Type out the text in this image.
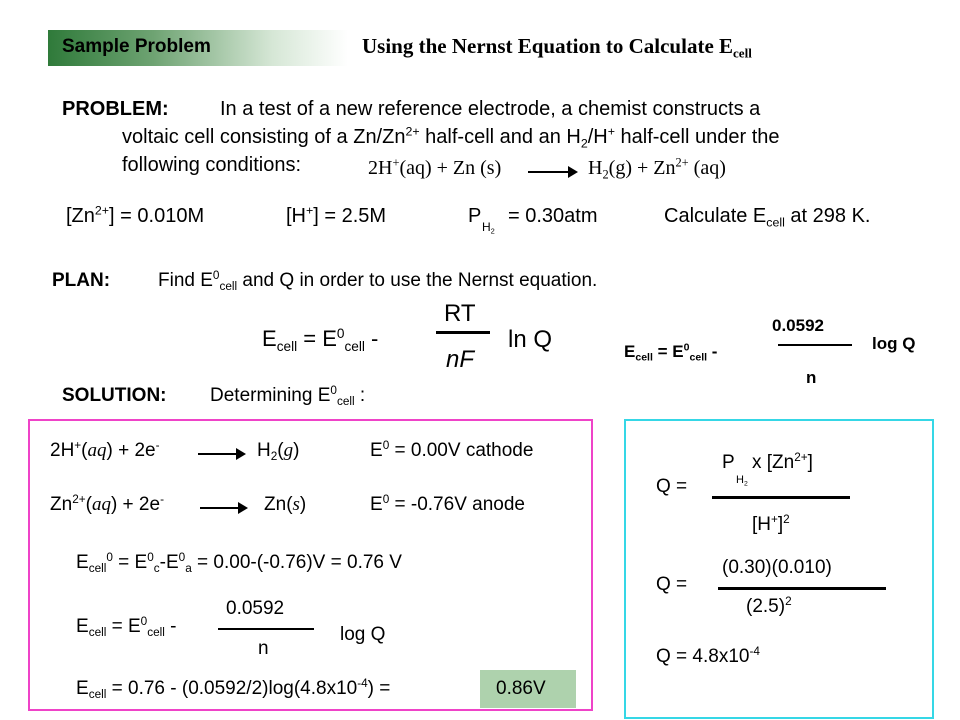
Sample Problem	Using the Nernst Equation to Calculate $E_{cell}$
PROBLEM:	In a test of a new reference electrode, a chemist constructs a
voltaic cell consisting of a $Zn/Zn^{2+}$ half-cell and an $H_2/H^+$ half-cell under the
following conditions:	2H+(aq) + Zn $(s) \to H_2(g) + Zn^{2+}$ (aq)
$[Zn^{2+}] = 0.010M$	[H+] = 2.5M	P $H_2$
= 0.30atm	Calculate $E_{cell}$ at 298 K.
PLAN:	Find $E^0_{cell}$ and Q in order to use the Nernst equation.
$E_{cell} = E^0_{cell}$ -
RT
nF
ln Q	$E_{cell} = E^0_{cell}$ -
0.0592
n
log Q
SOLUTION: Determining $E^0_{cell}$ :
2H+(aq) + 2e-	$H_2(g)$	$E^0 = 0.00V$ cathode
$Zn^{2+}(aq) + 2e^-$	Zn(s)	$E^0 = -0.76V$ anode
$E_{cell}^0 = E^0_c-E^0_a = 0.00-(-0.76)V = 0.76$ V
$E_{cell} = E^0_{cell}$ -
0.0592
n
log Q
$E_{cell} = 0.76 - (0.0592/2)\log(4.8x10^{-4})$ =	0.86V
Q =
P
$H_2$
x $[Zn^{2+}]$
$[H^+]^2$
Q =
(0.30)(0.010)
$(2.5)^2$
$Q = 4.8x10^{-4}$
